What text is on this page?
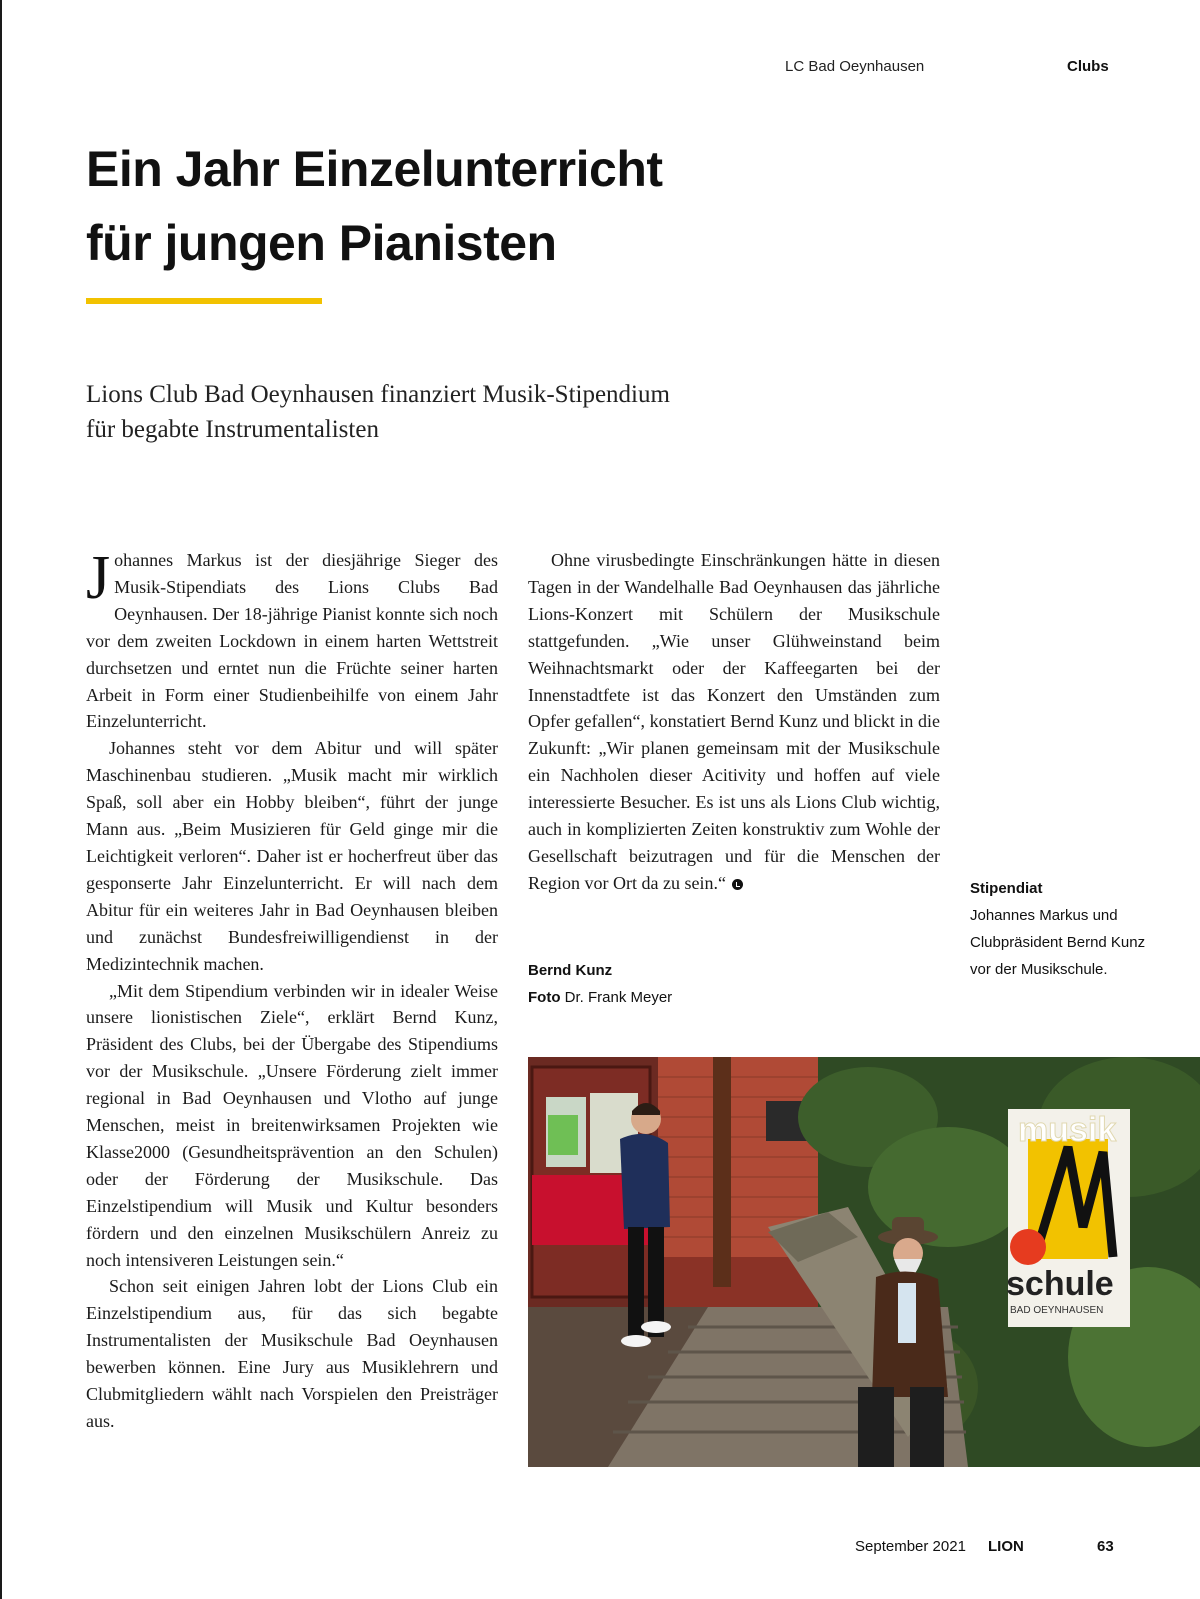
LC Bad Oeynhausen	Clubs
Ein Jahr Einzelunterricht
für jungen Pianisten
Lions Club Bad Oeynhausen finanziert Musik-Stipendium
für begabte Instrumentalisten

Johannes Markus ist der diesjährige Sieger des Musik-Stipendiats des Lions Clubs Bad Oeynhausen. Der 18-jährige Pianist konnte sich noch vor dem zweiten Lockdown in einem harten Wettstreit durchsetzen und erntet nun die Früchte seiner harten Arbeit in Form einer Studienbeihilfe von einem Jahr Einzelunterricht.

Johannes steht vor dem Abitur und will später Maschinenbau studieren. „Musik macht mir wirklich Spaß, soll aber ein Hobby bleiben“, führt der junge Mann aus. „Beim Musizieren für Geld ginge mir die Leichtigkeit verloren“. Daher ist er hocherfreut über das gesponserte Jahr Einzelunterricht. Er will nach dem Abitur für ein weiteres Jahr in Bad Oeynhausen bleiben und zunächst Bundesfreiwilligendienst in der Medizintechnik machen.

„Mit dem Stipendium verbinden wir in idealer Weise unsere lionistischen Ziele“, erklärt Bernd Kunz, Präsident des Clubs, bei der Übergabe des Stipendiums vor der Musikschule. „Unsere Förderung zielt immer regional in Bad Oeynhausen und Vlotho auf junge Menschen, meist in breitenwirksamen Projekten wie Klasse2000 (Gesundheitsprävention an den Schulen) oder der Förderung der Musikschule. Das Einzelstipendium will Musik und Kultur besonders fördern und den einzelnen Musikschülern Anreiz zu noch intensiveren Leistungen sein.“

Schon seit einigen Jahren lobt der Lions Club ein Einzelstipendium aus, für das sich begabte Instrumentalisten der Musikschule Bad Oeynhausen bewerben können. Eine Jury aus Musiklehrern und Clubmitgliedern wählt nach Vorspielen den Preisträger aus.

Ohne virusbedingte Einschränkungen hätte in diesen Tagen in der Wandelhalle Bad Oeynhausen das jährliche Lions-Konzert mit Schülern der Musikschule stattgefunden. „Wie unser Glühweinstand beim Weihnachtsmarkt oder der Kaffeegarten bei der Innenstadtfete ist das Konzert den Umständen zum Opfer gefallen“, konstatiert Bernd Kunz und blickt in die Zukunft: „Wir planen gemeinsam mit der Musikschule ein Nachholen dieser Acitivity und hoffen auf viele interessierte Besucher. Es ist uns als Lions Club wichtig, auch in komplizierten Zeiten konstruktiv zum Wohle der Gesellschaft beizutragen und für die Menschen der Region vor Ort da zu sein.“

Bernd Kunz
Foto Dr. Frank Meyer
Stipendiat
Johannes Markus und Clubpräsident Bernd Kunz vor der Musikschule.
musik
schule
BAD OEYNHAUSEN
September 2021 LION	63
